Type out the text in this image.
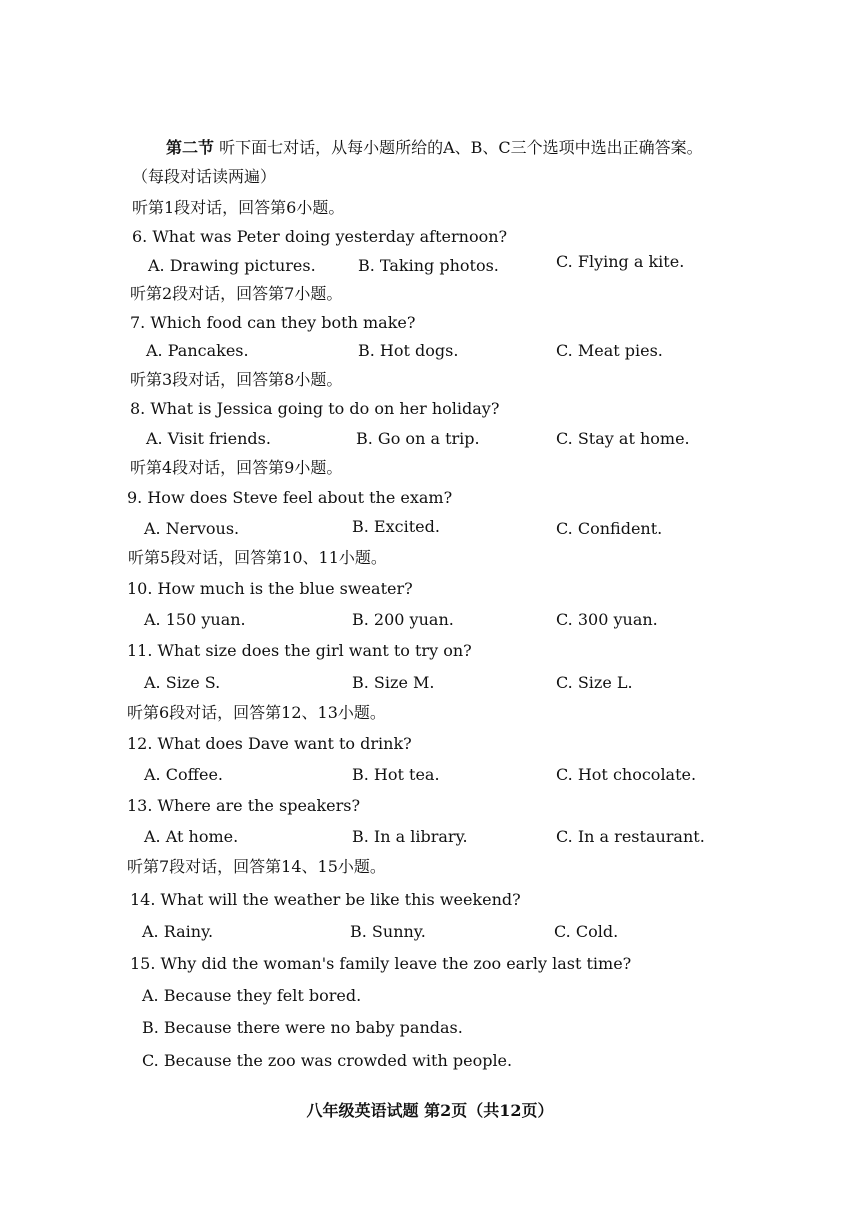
第二节 听下面七对话，从每小题所给的A、B、C三个选项中选出正确答案。
（每段对话读两遍）
听第1段对话，回答第6小题。
6. What was Peter doing yesterday afternoon?
A. Drawing pictures.	B. Taking photos.	C. Flying a kite.
听第2段对话，回答第7小题。
7. Which food can they both make?
A. Pancakes.	B. Hot dogs.	C. Meat pies.
听第3段对话，回答第8小题。
8. What is Jessica going to do on her holiday?
A. Visit friends.	B. Go on a trip.	C. Stay at home.
听第4段对话，回答第9小题。
9. How does Steve feel about the exam?
A. Nervous.	B. Excited.	C. Confident.
听第5段对话，回答第10、11小题。
10. How much is the blue sweater?
A. 150 yuan.	B. 200 yuan.	C. 300 yuan.
11. What size does the girl want to try on?
A. Size S.	B. Size M.	C. Size L.
听第6段对话，回答第12、13小题。
12. What does Dave want to drink?
A. Coffee.	B. Hot tea.	C. Hot chocolate.
13. Where are the speakers?
A. At home.	B. In a library.	C. In a restaurant.
听第7段对话，回答第14、15小题。
14. What will the weather be like this weekend?
A. Rainy.	B. Sunny.	C. Cold.
15. Why did the woman's family leave the zoo early last time?
A. Because they felt bored.
B. Because there were no baby pandas.
C. Because the zoo was crowded with people.
八年级英语试题 第2页（共12页）
